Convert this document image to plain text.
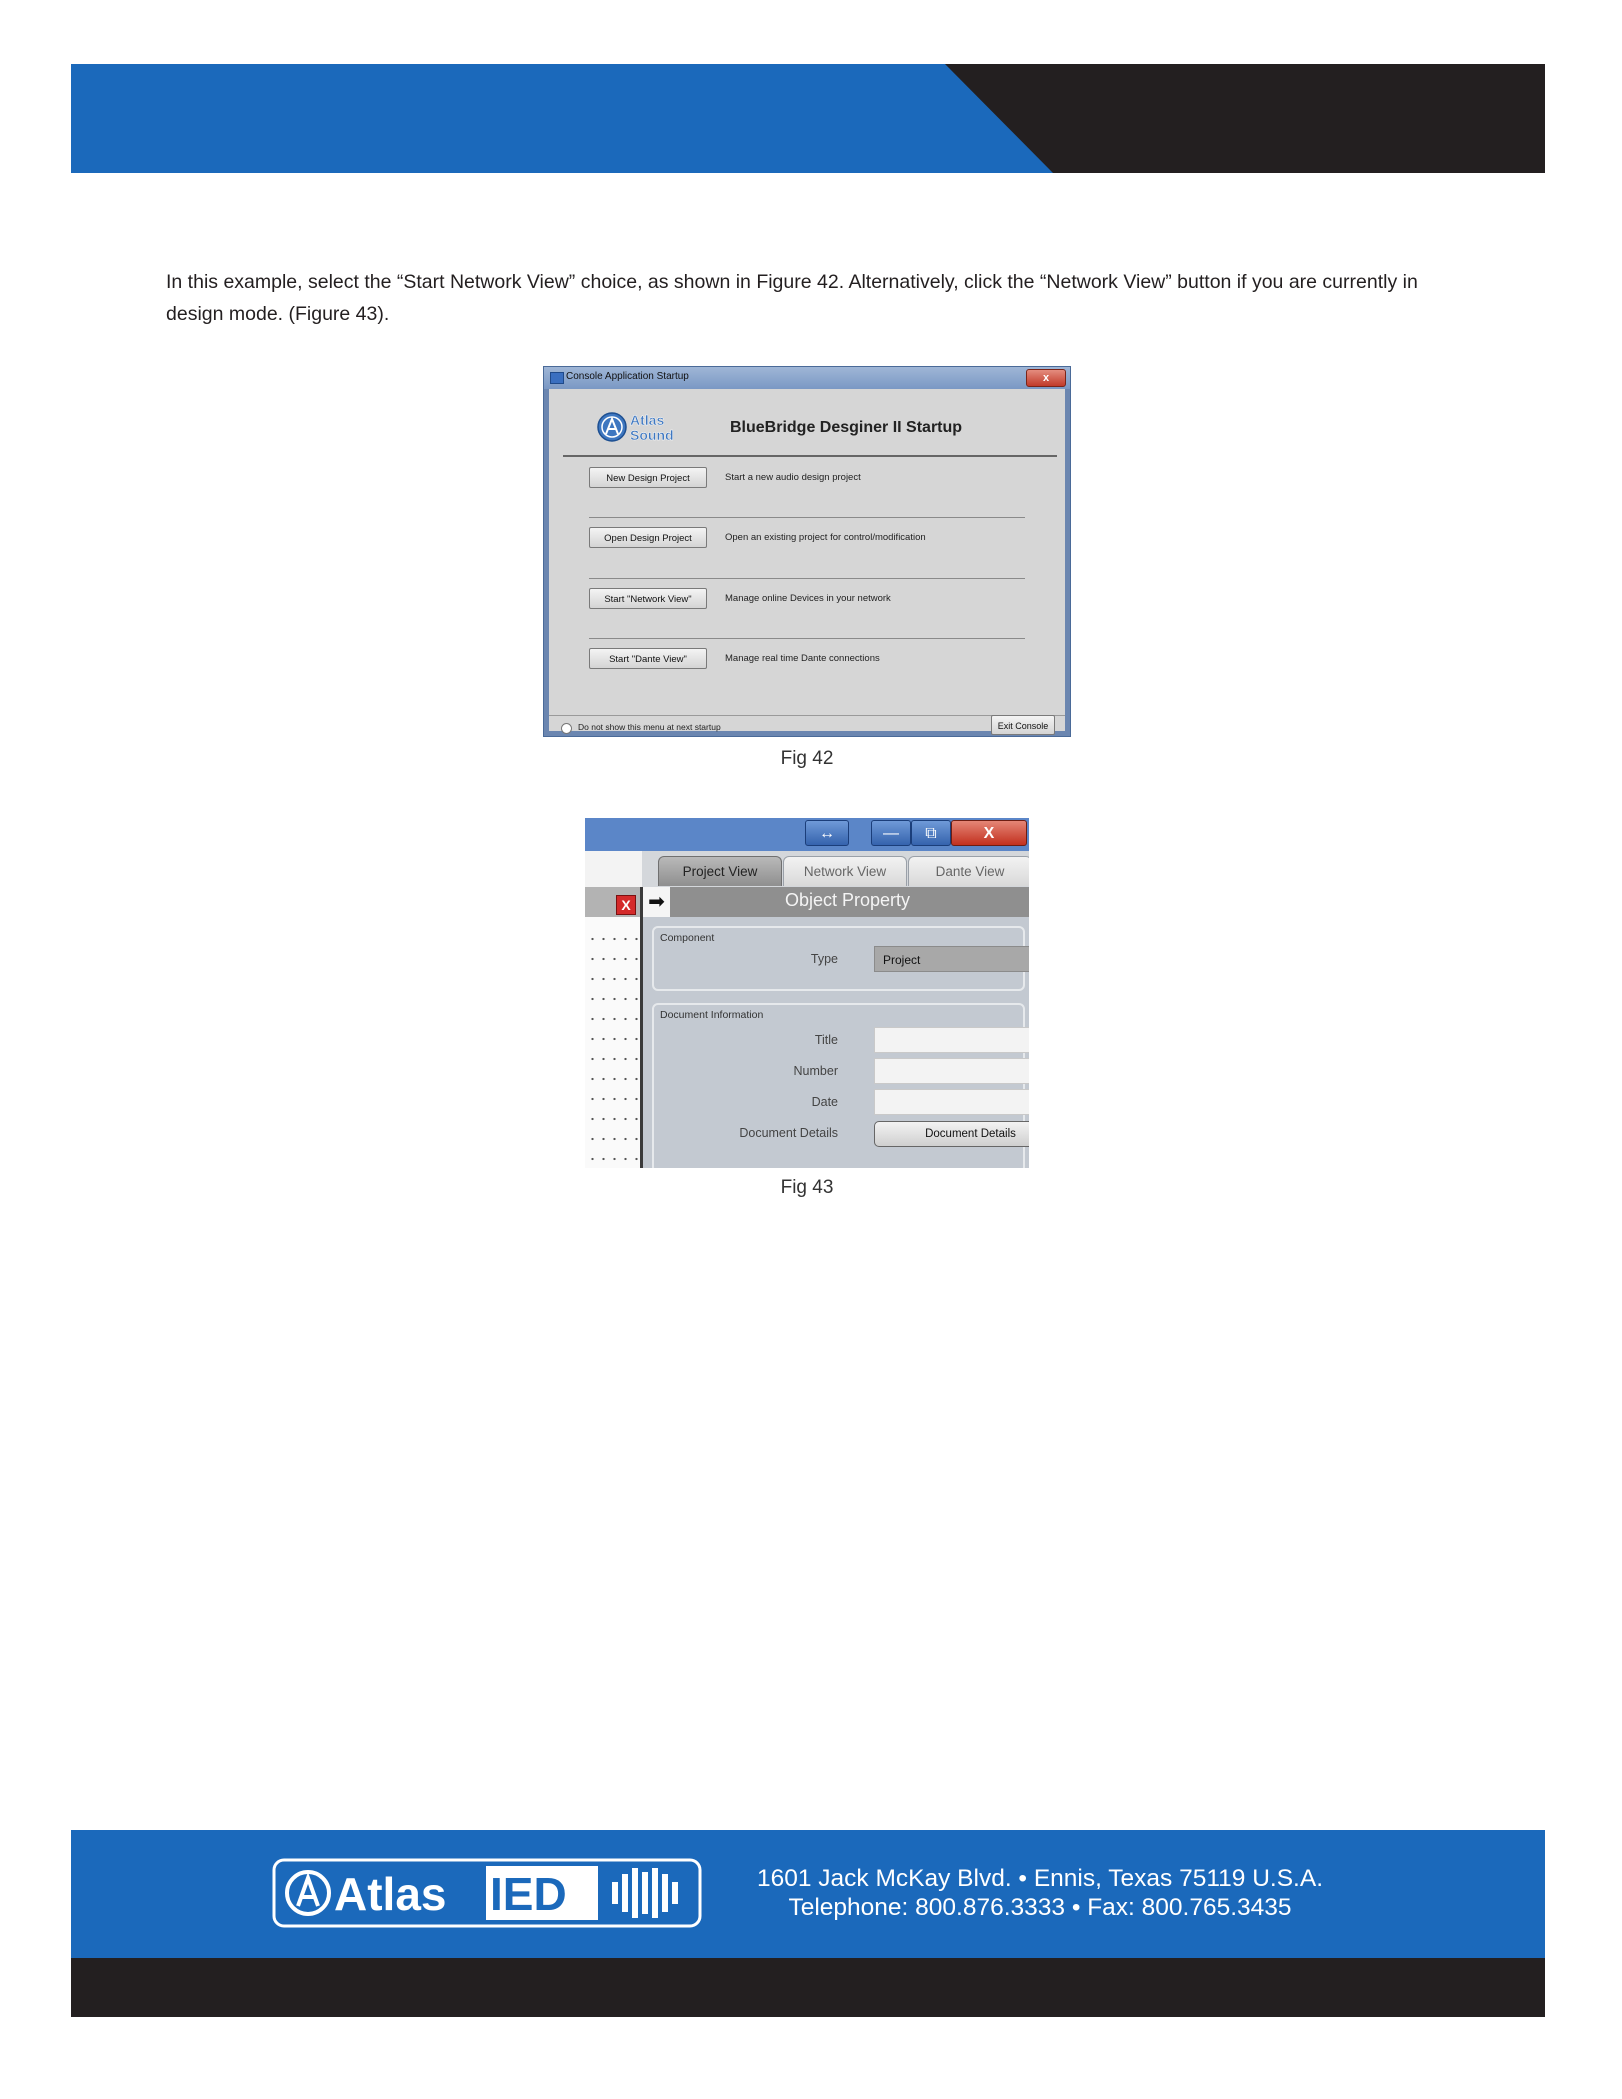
In this example, select the “Start Network View” choice, as shown in Figure 42. Alternatively, click the “Network View” button if you are currently in design mode. (Figure 43).

Console Application Startup	x
Atlas
Sound	BlueBridge Desginer II Startup
New Design Project	Start a new audio design project
Open Design Project	Open an existing project for control/modification
Start "Network View"	Manage online Devices in your network
Start "Dante View"	Manage real time Dante connections
Do not show this menu at next startup	Exit Console
Fig 42
↔	—	⧉	X
Project View	Network View	Dante View
X ➡	Object Property
Component
Type	Project
Document Information
Title
Number
Date
Document Details	Document Details
Fig 43
Atlas IED	1601 Jack McKay Blvd. • Ennis, Texas 75119 U.S.A.
Telephone: 800.876.3333 • Fax: 800.765.3435
